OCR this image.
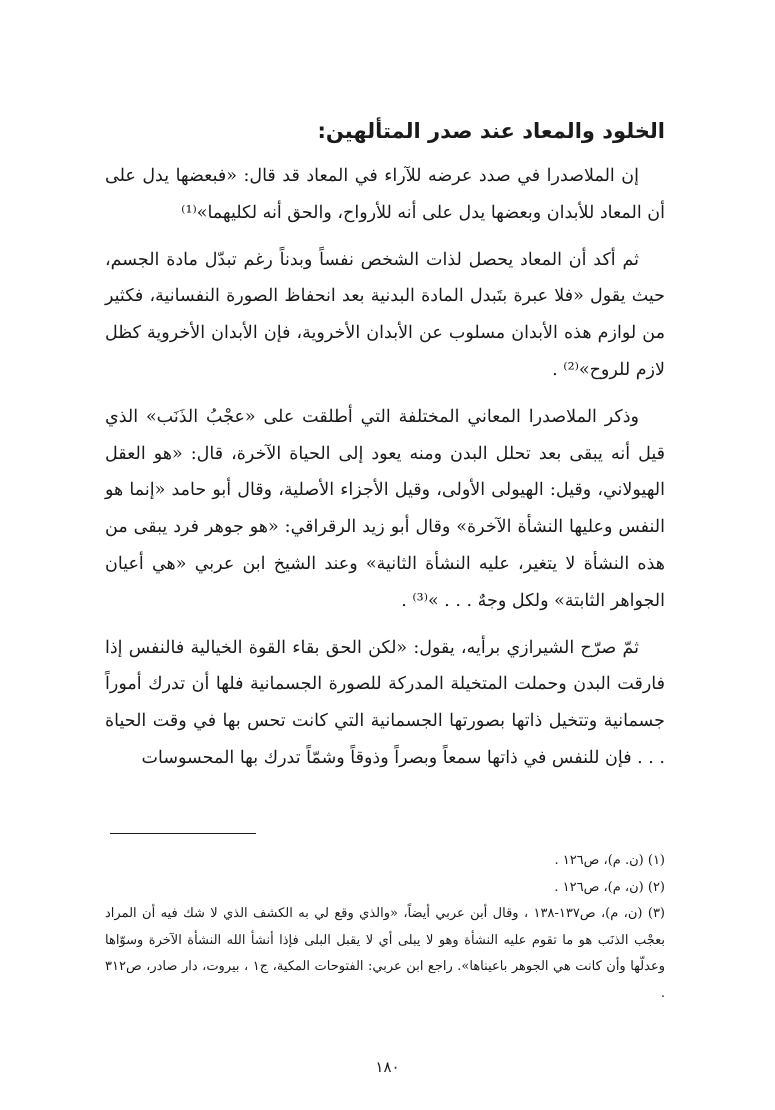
الخلود والمعاد عند صدر المتألهين:

إن الملاصدرا في صدد عرضه للآراء في المعاد قد قال: «فبعضها يدل على أن المعاد للأبدان وبعضها يدل على أنه للأرواح، والحق أنه لكليهما»⁽¹⁾

ثم أكد أن المعاد يحصل لذات الشخص نفساً وبدناً رغم تبدّل مادة الجسم، حيث يقول «فلا عبرة بتَبدل المادة البدنية بعد انحفاظ الصورة النفسانية، فكثير من لوازم هذه الأبدان مسلوب عن الأبدان الأخروية، فإن الأبدان الأخروية كظل لازم للروح»⁽²⁾ .

وذكر الملاصدرا المعاني المختلفة التي أطلقت على «عجْبُ الذَنَب» الذي قيل أنه يبقى بعد تحلل البدن ومنه يعود إلى الحياة الآخرة، قال: «هو العقل الهيولاني، وقيل: الهيولى الأولى، وقيل الأجزاء الأصلية، وقال أبو حامد «إنما هو النفس وعليها النشأة الآخرة» وقال أبو زيد الرقراقي: «هو جوهر فرد يبقى من هذه النشأة لا يتغير، عليه النشأة الثانية» وعند الشيخ ابن عربي «هي أعيان الجواهر الثابتة» ولكل وجهٌ . . . »⁽³⁾ .

ثمّ صرّح الشيرازي برأيه، يقول: «لكن الحق بقاء القوة الخيالية فالنفس إذا فارقت البدن وحملت المتخيلة المدركة للصورة الجسمانية فلها أن تدرك أموراً جسمانية وتتخيل ذاتها بصورتها الجسمانية التي كانت تحس بها في وقت الحياة . . . فإن للنفس في ذاتها سمعاً وبصراً وذوقاً وشمّاً تدرك بها المحسوسات

(١) (ن. م)، ص١٢٦ .

(٢) (ن، م)، ص١٢٦ .

(٣) (ن، م)، ص١٣٧-١٣٨ ، وقال أبن عربي أيضاً، «والذي وقع لي به الكشف الذي لا شك فيه أن المراد بعجْب الذنَب هو ما تقوم عليه النشأة وهو لا يبلى أي لا يقبل البلى فإذا أنشأ الله النشأة الآخرة وسوّاها وعدلّها وأن كانت هي الجوهر باعيناها». راجع ابن عربي: الفتوحات المكية، ج١ ، بيروت، دار صادر، ص٣١٢ .

١٨٠
